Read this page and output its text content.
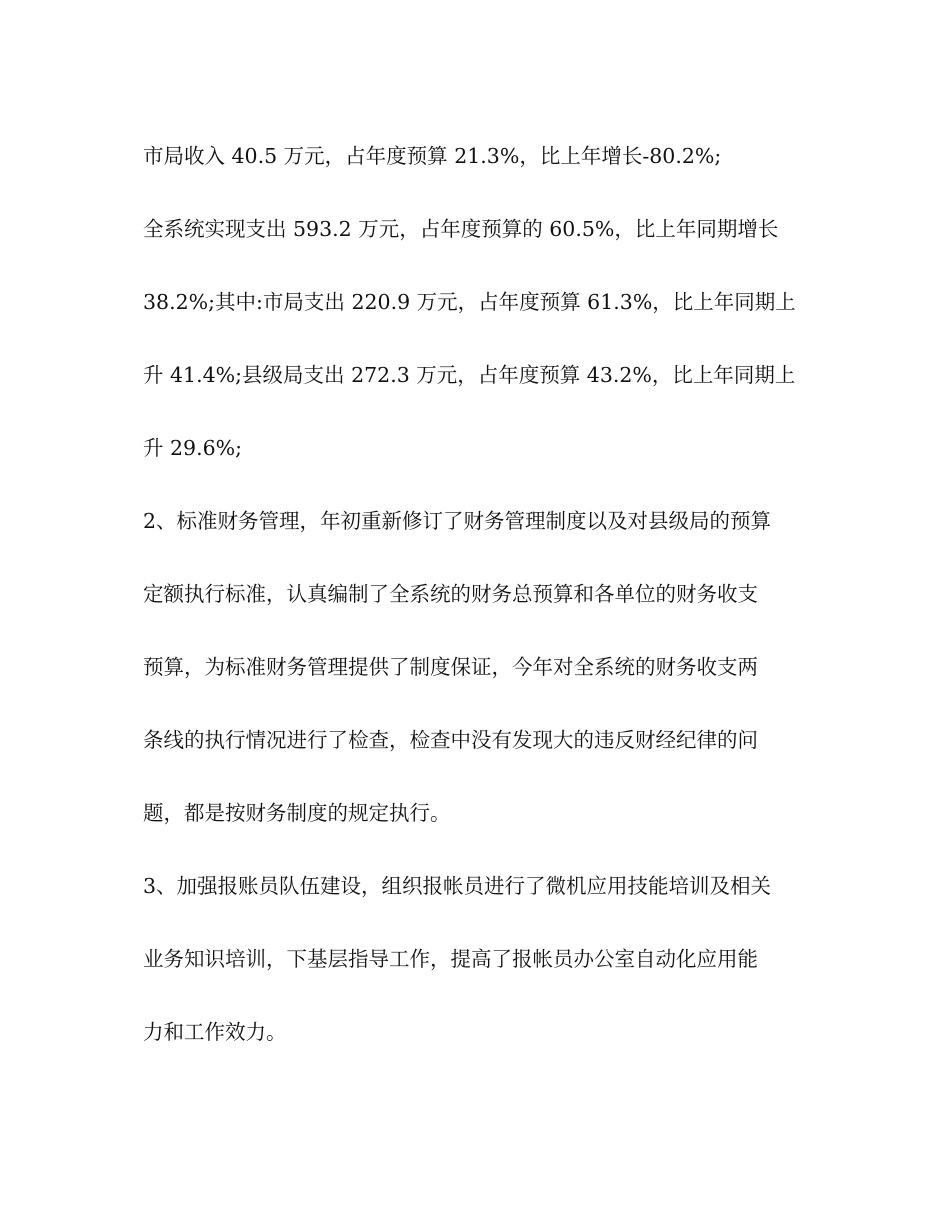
市局收入 40.5 万元，占年度预算 21.3%，比上年增长-80.2%;

全系统实现支出 593.2 万元，占年度预算的 60.5%，比上年同期增长

38.2%;其中:市局支出 220.9 万元，占年度预算 61.3%，比上年同期上

升 41.4%;县级局支出 272.3 万元，占年度预算 43.2%，比上年同期上

升 29.6%;

2、标准财务管理，年初重新修订了财务管理制度以及对县级局的预算

定额执行标准，认真编制了全系统的财务总预算和各单位的财务收支

预算，为标准财务管理提供了制度保证，今年对全系统的财务收支两

条线的执行情况进行了检查，检查中没有发现大的违反财经纪律的问

题，都是按财务制度的规定执行。

3、加强报账员队伍建设，组织报帐员进行了微机应用技能培训及相关

业务知识培训，下基层指导工作，提高了报帐员办公室自动化应用能

力和工作效力。
